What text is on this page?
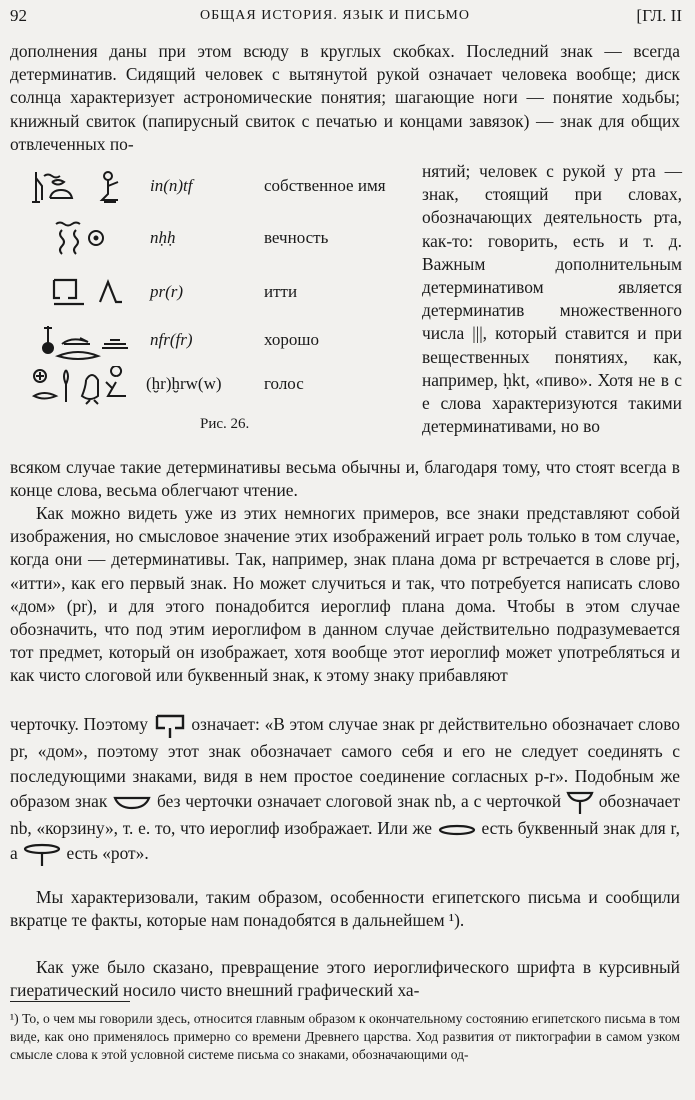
92	ОБЩАЯ ИСТОРИЯ. ЯЗЫК И ПИСЬМО	[ГЛ. II

дополнения даны при этом всюду в круглых скобках. Последний знак — всегда детерминатив. Сидящий человек с вытянутой рукой означает человека вообще; диск солнца характеризует астрономические понятия; шагающие ноги — понятие ходьбы; книжный свиток (папирусный свиток с печатью и концами завязок) — знак для общих отвлеченных по-

in(n)tf	собственное имя
nḥḥ	вечность
pr(r)	итти
nfr(fr)	хорошо
(ḫr)ḫrw(w) голос
Рис. 26.

нятий; человек с рукой у рта — знак, стоящий при словах, обозначающих деятельность рта, как-то: говорить, есть и т. д. Важным дополнительным детерминативом является детерминатив множественного числа |||, который ставится и при вещественных понятиях, как, например, ḥkt, «пиво». Хотя не в с е слова характеризуются такими детерминативами, но во

всяком случае такие детерминативы весьма обычны и, благодаря тому, что стоят всегда в конце слова, весьма облегчают чтение.

Как можно видеть уже из этих немногих примеров, все знаки представляют собой изображения, но смысловое значение этих изображений играет роль только в том случае, когда они — детерминативы. Так, например, знак плана дома pr встречается в слове prj, «итти», как его первый знак. Но может случиться и так, что потребуется написать слово «дом» (pr), и для этого понадобится иероглиф плана дома. Чтобы в этом случае обозначить, что под этим иероглифом в данном случае действительно подразумевается тот предмет, который он изображает, хотя вообще этот иероглиф может употребляться и как чисто слоговой или буквенный знак, к этому знаку прибавляют

черточку. Поэтому означает: «В этом случае знак pr действительно обозначает слово pr, «дом», поэтому этот знак обозначает самого себя и его не следует соединять с последующими знаками, видя в нем простое соединение согласных p-r». Подобным же образом знак	без черточки означает слоговой знак nb, а с черточкой обозначает nb, «корзину», т. е. то, что иероглиф изображает. Или же	есть буквенный знак для r, а	есть «рот».

Мы характеризовали, таким образом, особенности египетского письма и сообщили вкратце те факты, которые нам понадобятся в дальнейшем ¹).

Как уже было сказано, превращение этого иероглифического шрифта в курсивный гиератический носило чисто внешний графический ха-

¹) То, о чем мы говорили здесь, относится главным образом к окончательному состоянию египетского письма в том виде, как оно применялось примерно со времени Древнего царства. Ход развития от пиктографии в самом узком смысле слова к этой условной системе письма со знаками, обозначающими од-
